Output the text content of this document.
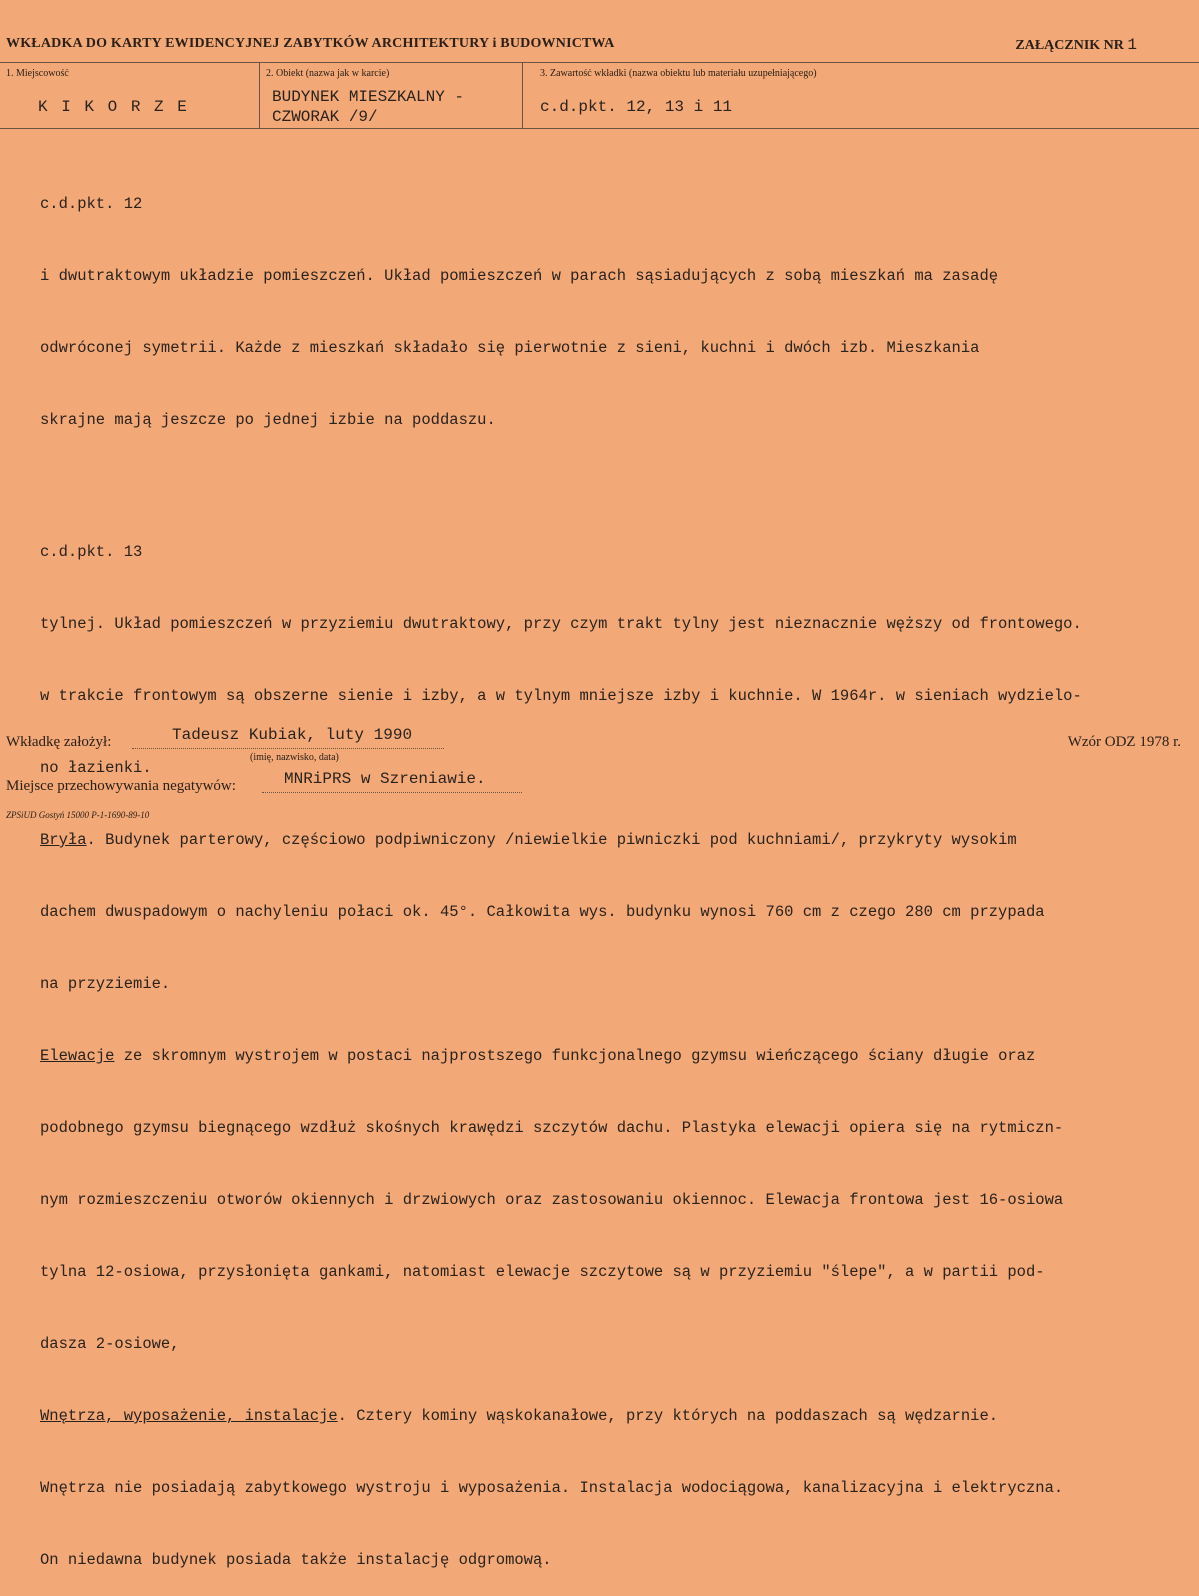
WKŁADKA DO KARTY EWIDENCYJNEJ ZABYTKÓW ARCHITEKTURY i BUDOWNICTWA	ZAŁĄCZNIK NR 1
1. Miejscowość
K I K O R Z E
2. Obiekt (nazwa jak w karcie)
BUDYNEK MIESZKALNY -
CZWORAK /9/
3. Zawartość wkładki (nazwa obiektu lub materiału uzupełniającego)
c.d.pkt. 12, 13 i 11

c.d.pkt. 12

i dwutraktowym układzie pomieszczeń. Układ pomieszczeń w parach sąsiadujących z sobą mieszkań ma zasadę

odwróconej symetrii. Każde z mieszkań składało się pierwotnie z sieni, kuchni i dwóch izb. Mieszkania

skrajne mają jeszcze po jednej izbie na poddaszu.

c.d.pkt. 13

tylnej. Układ pomieszczeń w przyziemiu dwutraktowy, przy czym trakt tylny jest nieznacznie węższy od frontowego.

w trakcie frontowym są obszerne sienie i izby, a w tylnym mniejsze izby i kuchnie. W 1964r. w sieniach wydzielo-

no łazienki.

Bryła. Budynek parterowy, częściowo podpiwniczony /niewielkie piwniczki pod kuchniami/, przykryty wysokim

dachem dwuspadowym o nachyleniu połaci ok. 45°. Całkowita wys. budynku wynosi 760 cm z czego 280 cm przypada

na przyziemie.

Elewacje ze skromnym wystrojem w postaci najprostszego funkcjonalnego gzymsu wieńczącego ściany długie oraz

podobnego gzymsu biegnącego wzdłuż skośnych krawędzi szczytów dachu. Plastyka elewacji opiera się na rytmiczn-

nym rozmieszczeniu otworów okiennych i drzwiowych oraz zastosowaniu okiennoc. Elewacja frontowa jest 16-osiowa

tylna 12-osiowa, przysłonięta gankami, natomiast elewacje szczytowe są w przyziemiu "ślepe", a w partii pod-

dasza 2-osiowe,

Wnętrza, wyposażenie, instalacje. Cztery kominy wąskokanałowe, przy których na poddaszach są wędzarnie.

Wnętrza nie posiadają zabytkowego wystroju i wyposażenia. Instalacja wodociągowa, kanalizacyjna i elektryczna.

On niedawna budynek posiada także instalację odgromową.

Wkładkę założył:	Tadeusz Kubiak, luty 1990
(imię, nazwisko, data)
Wzór ODZ 1978 r.
Miejsce przechowywania negatywów:	MNRiPRS w Szreniawie.
ZPSiUD Gostyń 15000 P-1-1690-89-10
